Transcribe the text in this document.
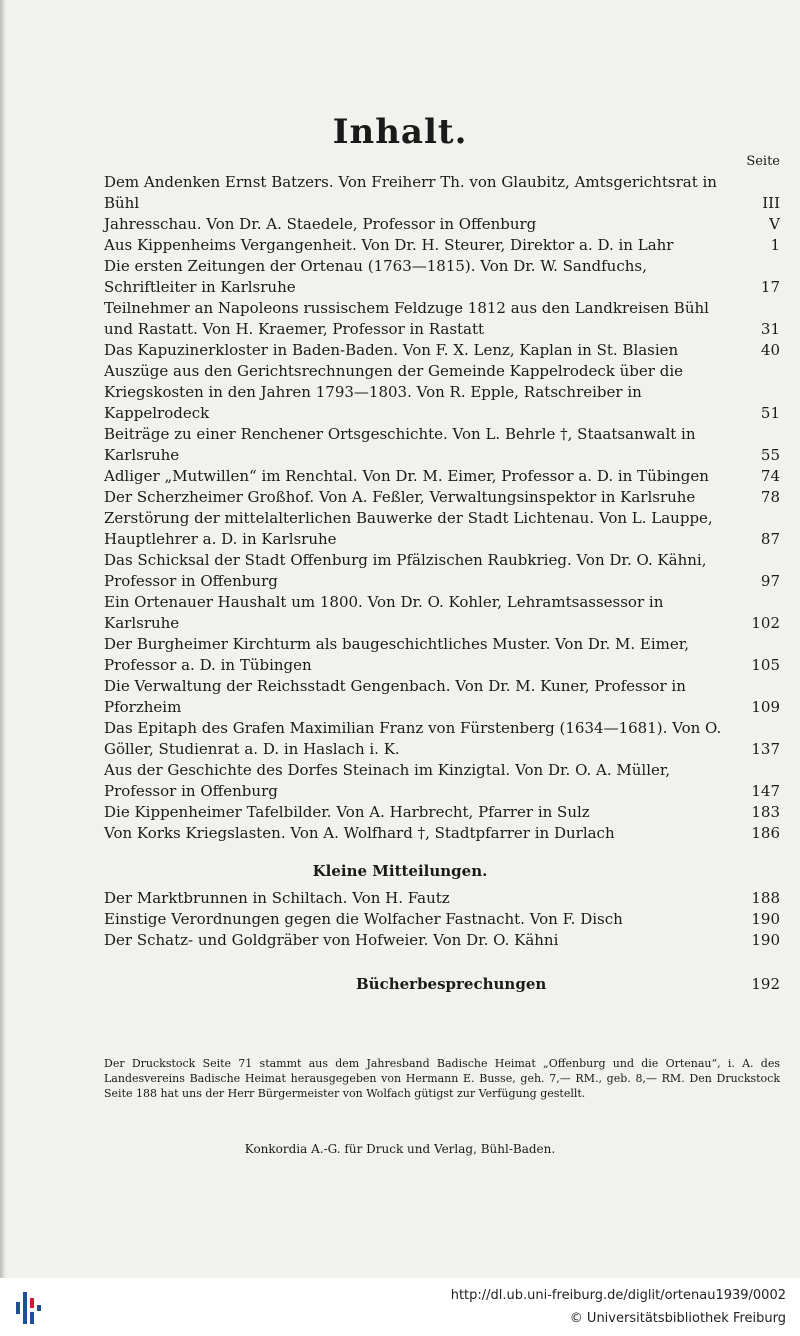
Inhalt.
Seite
Dem Andenken Ernst Batzers. Von Freiherr Th. von Glaubitz, Amtsgerichtsrat in Bühl	III
Jahresschau. Von Dr. A. Staedele, Professor in Offenburg	V
Aus Kippenheims Vergangenheit. Von Dr. H. Steurer, Direktor a. D. in Lahr	1
Die ersten Zeitungen der Ortenau (1763—1815). Von Dr. W. Sandfuchs, Schriftleiter in Karlsruhe	17
Teilnehmer an Napoleons russischem Feldzuge 1812 aus den Landkreisen Bühl und Rastatt. Von H. Kraemer, Professor in Rastatt	31
Das Kapuzinerkloster in Baden-Baden. Von F. X. Lenz, Kaplan in St. Blasien	40
Auszüge aus den Gerichtsrechnungen der Gemeinde Kappelrodeck über die Kriegskosten in den Jahren 1793—1803. Von R. Epple, Ratschreiber in Kappelrodeck	51
Beiträge zu einer Renchener Ortsgeschichte. Von L. Behrle †, Staatsanwalt in Karlsruhe	55
Adliger „Mutwillen“ im Renchtal. Von Dr. M. Eimer, Professor a. D. in Tübingen	74
Der Scherzheimer Großhof. Von A. Feßler, Verwaltungsinspektor in Karlsruhe	78
Zerstörung der mittelalterlichen Bauwerke der Stadt Lichtenau. Von L. Lauppe, Hauptlehrer a. D. in Karlsruhe	87
Das Schicksal der Stadt Offenburg im Pfälzischen Raubkrieg. Von Dr. O. Kähni, Professor in Offenburg	97
Ein Ortenauer Haushalt um 1800. Von Dr. O. Kohler, Lehramtsassessor in Karlsruhe	102
Der Burgheimer Kirchturm als baugeschichtliches Muster. Von Dr. M. Eimer, Professor a. D. in Tübingen	105
Die Verwaltung der Reichsstadt Gengenbach. Von Dr. M. Kuner, Professor in Pforzheim	109
Das Epitaph des Grafen Maximilian Franz von Fürstenberg (1634—1681). Von O. Göller, Studienrat a. D. in Haslach i. K.	137
Aus der Geschichte des Dorfes Steinach im Kinzigtal. Von Dr. O. A. Müller, Professor in Offenburg	147
Die Kippenheimer Tafelbilder. Von A. Harbrecht, Pfarrer in Sulz	183
Von Korks Kriegslasten. Von A. Wolfhard †, Stadtpfarrer in Durlach	186
Kleine Mitteilungen.
Der Marktbrunnen in Schiltach. Von H. Fautz	188
Einstige Verordnungen gegen die Wolfacher Fastnacht. Von F. Disch	190
Der Schatz- und Goldgräber von Hofweier. Von Dr. O. Kähni	190
Bücherbesprechungen	192
Der Druckstock Seite 71 stammt aus dem Jahresband Badische Heimat „Offenburg und die Ortenau“, i. A. des Landesvereins Badische Heimat herausgegeben von Hermann E. Busse, geh. 7,— RM., geb. 8,— RM. Den Druckstock Seite 188 hat uns der Herr Bürgermeister von Wolfach gütigst zur Verfügung gestellt.
Konkordia A.-G. für Druck und Verlag, Bühl-Baden.
http://dl.ub.uni-freiburg.de/diglit/ortenau1939/0002
© Universitätsbibliothek Freiburg
